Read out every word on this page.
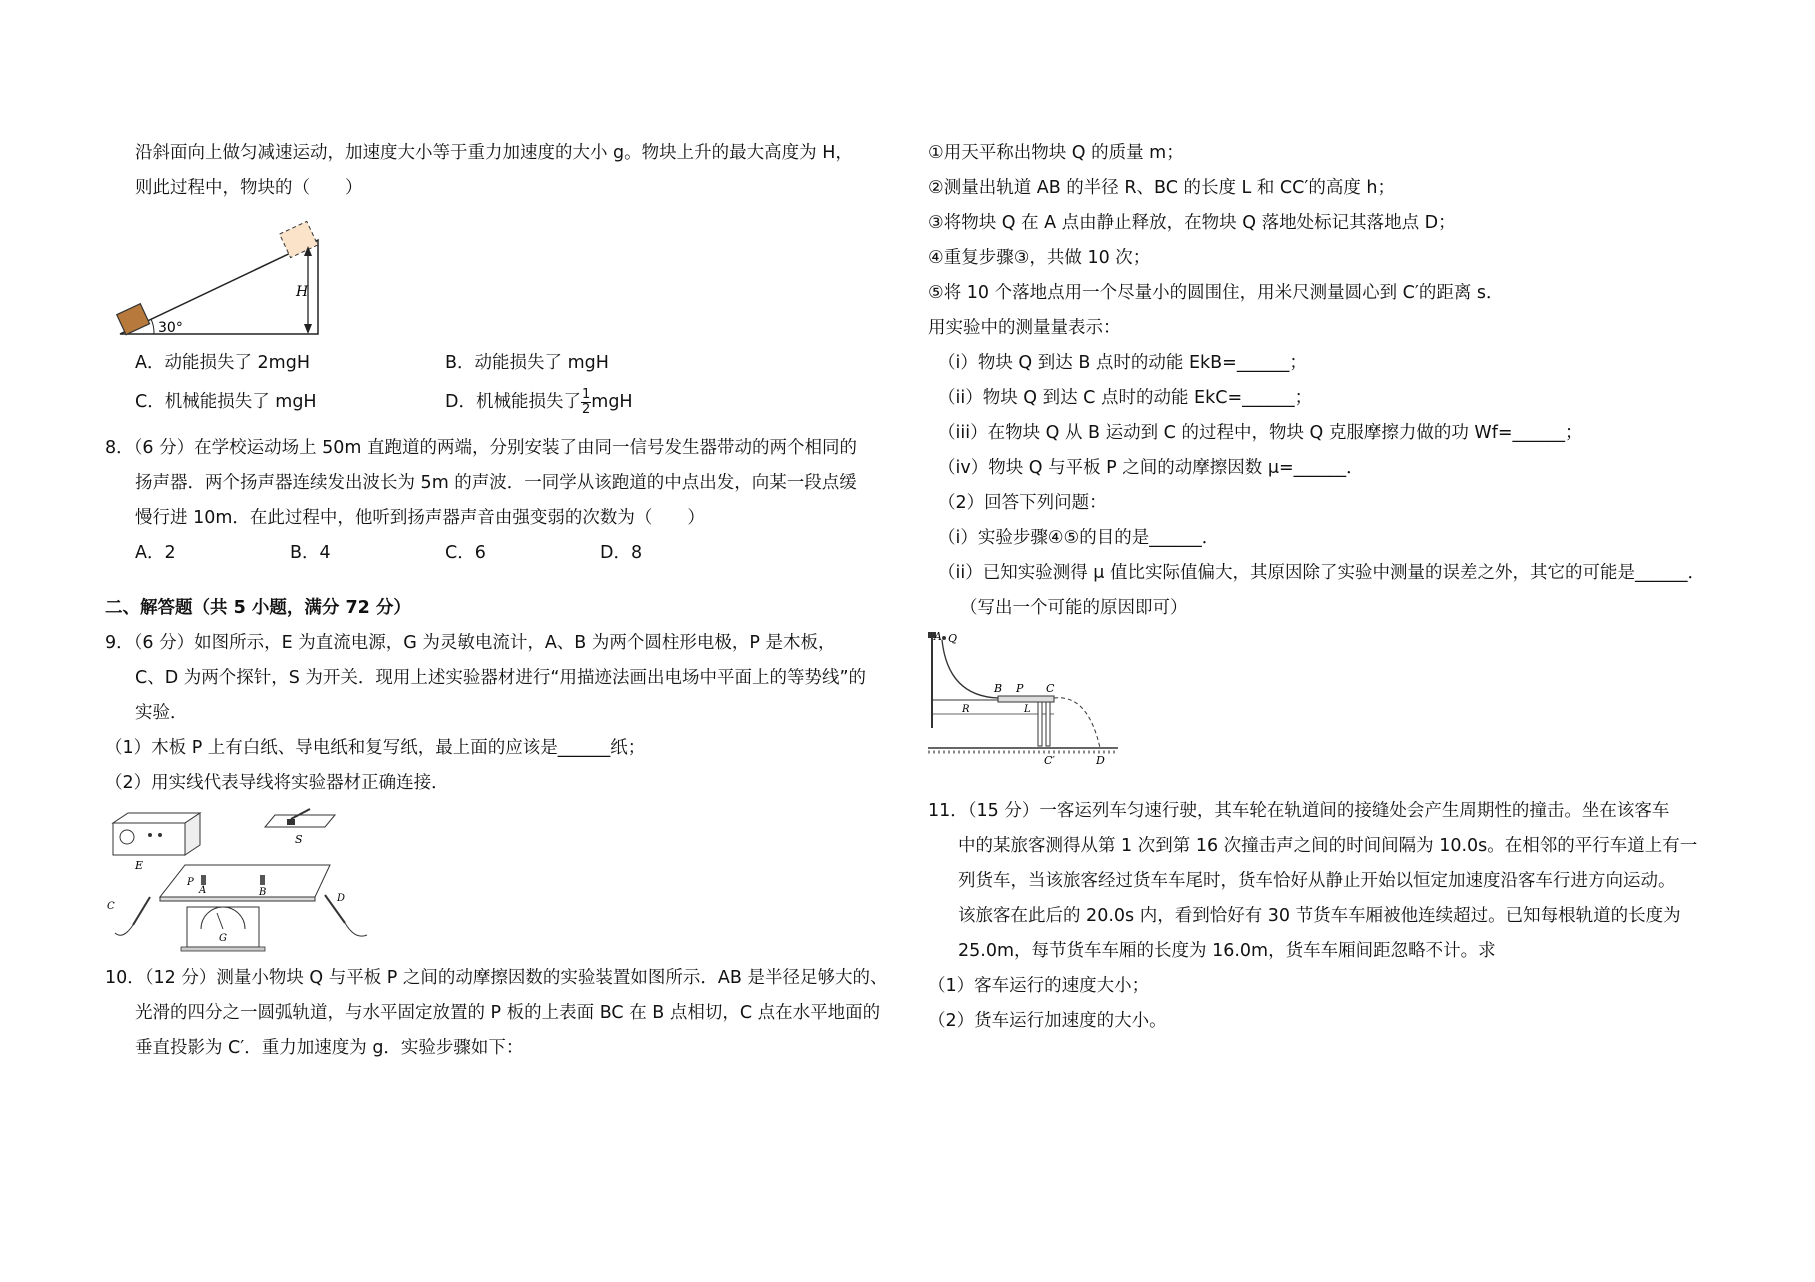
沿斜面向上做匀减速运动，加速度大小等于重力加速度的大小 g。物块上升的最大高度为 H，
则此过程中，物块的（　　）
30°
H
A．动能损失了 2mgH	B．动能损失了 mgH
C．机械能损失了 mgH	D．机械能损失了 $\frac{1}{2}$ mgH
8．（6 分）在学校运动场上 50m 直跑道的两端，分别安装了由同一信号发生器带动的两个相同的
扬声器．两个扬声器连续发出波长为 5m 的声波．一同学从该跑道的中点出发，向某一段点缓
慢行进 10m．在此过程中，他听到扬声器声音由强变弱的次数为（　　）
A．2	B．4	C．6	D．8
二、解答题（共 5 小题，满分 72 分）
9．（6 分）如图所示，E 为直流电源，G 为灵敏电流计，A、B 为两个圆柱形电极，P 是木板，
C、D 为两个探针，S 为开关．现用上述实验器材进行“用描迹法画出电场中平面上的等势线”的
实验．
（1）木板 P 上有白纸、导电纸和复写纸，最上面的应该是______纸；
（2）用实线代表导线将实验器材正确连接．
E
S
P
A	B
G
C
D
10．（12 分）测量小物块 Q 与平板 P 之间的动摩擦因数的实验装置如图所示．AB 是半径足够大的、
光滑的四分之一圆弧轨道，与水平固定放置的 P 板的上表面 BC 在 B 点相切，C 点在水平地面的
垂直投影为 C′．重力加速度为 g．实验步骤如下：
①用天平称出物块 Q 的质量 m；
②测量出轨道 AB 的半径 R、BC 的长度 L 和 CC′的高度 h；
③将物块 Q 在 A 点由静止释放，在物块 Q 落地处标记其落地点 D；
④重复步骤③，共做 10 次；
⑤将 10 个落地点用一个尽量小的圆围住，用米尺测量圆心到 C′的距离 s．
用实验中的测量量表示：
（i）物块 Q 到达 B 点时的动能 EkB=______；
（ii）物块 Q 到达 C 点时的动能 EkC=______；
（iii）在物块 Q 从 B 运动到 C 的过程中，物块 Q 克服摩擦力做的功 Wf=______；
（iv）物块 Q 与平板 P 之间的动摩擦因数 μ=______．
（2）回答下列问题：
（i）实验步骤④⑤的目的是______．
（ii）已知实验测得 μ 值比实际值偏大，其原因除了实验中测量的误差之外，其它的可能是______．
（写出一个可能的原因即可）
A Q
B P C
R	L
C′	D
11．（15 分）一客运列车匀速行驶，其车轮在轨道间的接缝处会产生周期性的撞击。坐在该客车
中的某旅客测得从第 1 次到第 16 次撞击声之间的时间间隔为 10.0s。在相邻的平行车道上有一
列货车，当该旅客经过货车车尾时，货车恰好从静止开始以恒定加速度沿客车行进方向运动。
该旅客在此后的 20.0s 内，看到恰好有 30 节货车车厢被他连续超过。已知每根轨道的长度为
25.0m，每节货车车厢的长度为 16.0m，货车车厢间距忽略不计。求
（1）客车运行的速度大小；
（2）货车运行加速度的大小。
